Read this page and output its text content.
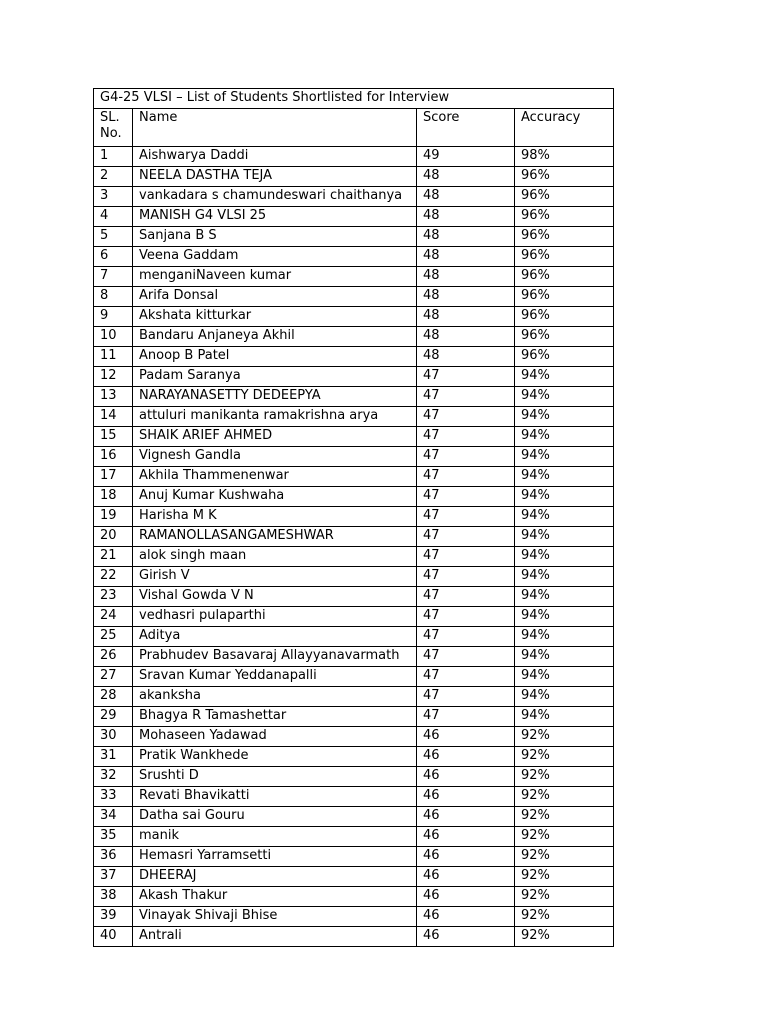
G4-25 VLSI – List of Students Shortlisted for Interview			
SL. No.	Name	Score	Accuracy
1	Aishwarya Daddi	49	98%
2	NEELA DASTHA TEJA	48	96%
3	vankadara s chamundeswari chaithanya	48	96%
4	MANISH G4 VLSI 25	48	96%
5	Sanjana B S	48	96%
6	Veena Gaddam	48	96%
7	menganiNaveen kumar	48	96%
8	Arifa Donsal	48	96%
9	Akshata kitturkar	48	96%
10	Bandaru Anjaneya Akhil	48	96%
11	Anoop B Patel	48	96%
12	Padam Saranya	47	94%
13	NARAYANASETTY DEDEEPYA	47	94%
14	attuluri manikanta ramakrishna arya	47	94%
15	SHAIK ARIEF AHMED	47	94%
16	Vignesh Gandla	47	94%
17	Akhila Thammenenwar	47	94%
18	Anuj Kumar Kushwaha	47	94%
19	Harisha M K	47	94%
20	RAMANOLLASANGAMESHWAR	47	94%
21	alok singh maan	47	94%
22	Girish V	47	94%
23	Vishal Gowda V N	47	94%
24	vedhasri pulaparthi	47	94%
25	Aditya	47	94%
26	Prabhudev Basavaraj Allayyanavarmath	47	94%
27	Sravan Kumar Yeddanapalli	47	94%
28	akanksha	47	94%
29	Bhagya R Tamashettar	47	94%
30	Mohaseen Yadawad	46	92%
31	Pratik Wankhede	46	92%
32	Srushti D	46	92%
33	Revati Bhavikatti	46	92%
34	Datha sai Gouru	46	92%
35	manik	46	92%
36	Hemasri Yarramsetti	46	92%
37	DHEERAJ	46	92%
38	Akash Thakur	46	92%
39	Vinayak Shivaji Bhise	46	92%
40	Antrali	46	92%
